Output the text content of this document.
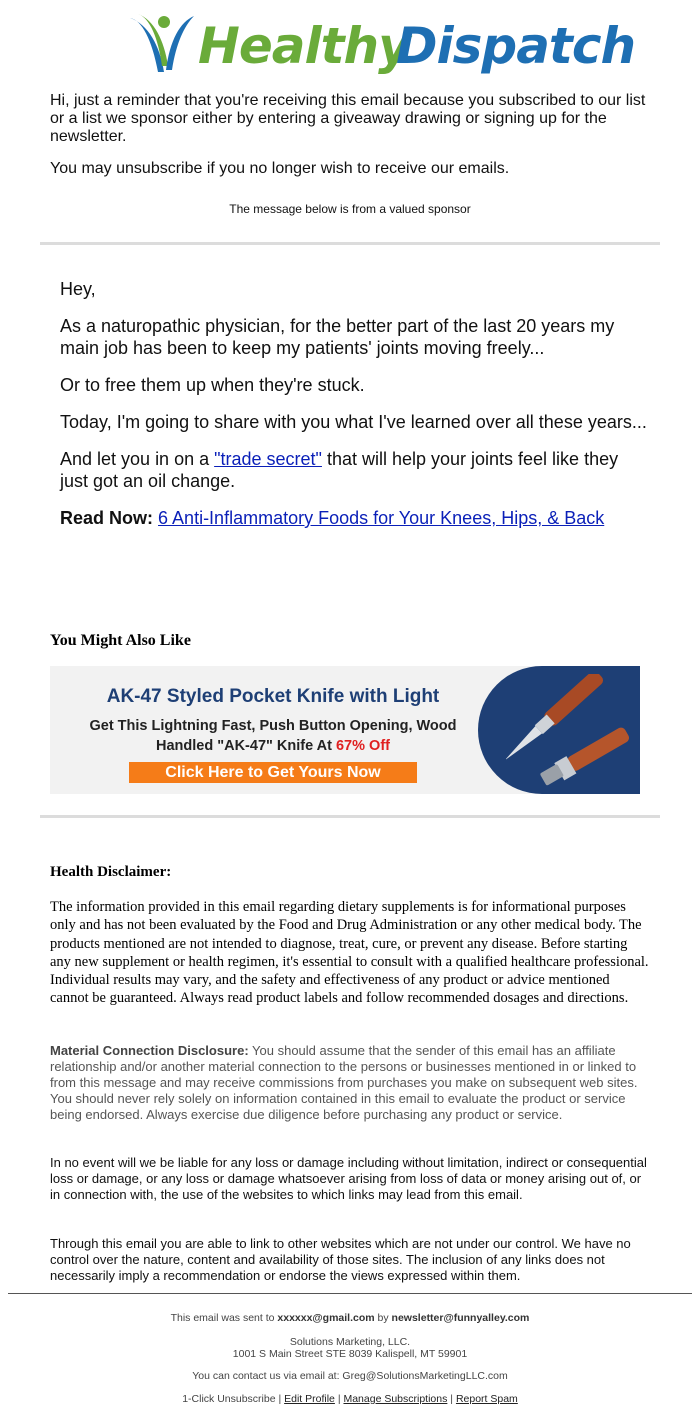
Healthy
Dispatch

Hi, just a reminder that you're receiving this email because you subscribed to our list or a list we sponsor either by entering a giveaway drawing or signing up for the newsletter.

You may unsubscribe if you no longer wish to receive our emails.

The message below is from a valued sponsor

Hey,

As a naturopathic physician, for the better part of the last 20 years my main job has been to keep my patients' joints moving freely...

Or to free them up when they're stuck.

Today, I'm going to share with you what I've learned over all these years...

And let you in on a "trade secret" that will help your joints feel like they just got an oil change.

Read Now: 6 Anti-Inflammatory Foods for Your Knees, Hips, & Back

You Might Also Like
AK-47 Styled Pocket Knife with Light
Get This Lightning Fast, Push Button Opening, Wood
Handled "AK-47" Knife At 67% Off
Click Here to Get Yours Now
Health Disclaimer:
The information provided in this email regarding dietary supplements is for informational purposes only and has not been evaluated by the Food and Drug Administration or any other medical body. The products mentioned are not intended to diagnose, treat, cure, or prevent any disease. Before starting any new supplement or health regimen, it's essential to consult with a qualified healthcare professional. Individual results may vary, and the safety and effectiveness of any product or advice mentioned cannot be guaranteed. Always read product labels and follow recommended dosages and directions.
Material Connection Disclosure: You should assume that the sender of this email has an affiliate relationship and/or another material connection to the persons or businesses mentioned in or linked to from this message and may receive commissions from purchases you make on subsequent web sites. You should never rely solely on information contained in this email to evaluate the product or service being endorsed. Always exercise due diligence before purchasing any product or service.
In no event will we be liable for any loss or damage including without limitation, indirect or consequential loss or damage, or any loss or damage whatsoever arising from loss of data or money arising out of, or in connection with, the use of the websites to which links may lead from this email.
Through this email you are able to link to other websites which are not under our control. We have no control over the nature, content and availability of those sites. The inclusion of any links does not necessarily imply a recommendation or endorse the views expressed within them.
This email was sent to xxxxxx@gmail.com by newsletter@funnyalley.com
Solutions Marketing, LLC.
1001 S Main Street STE 8039 Kalispell, MT 59901
You can contact us via email at: Greg@SolutionsMarketingLLC.com
1-Click Unsubscribe | Edit Profile | Manage Subscriptions | Report Spam
